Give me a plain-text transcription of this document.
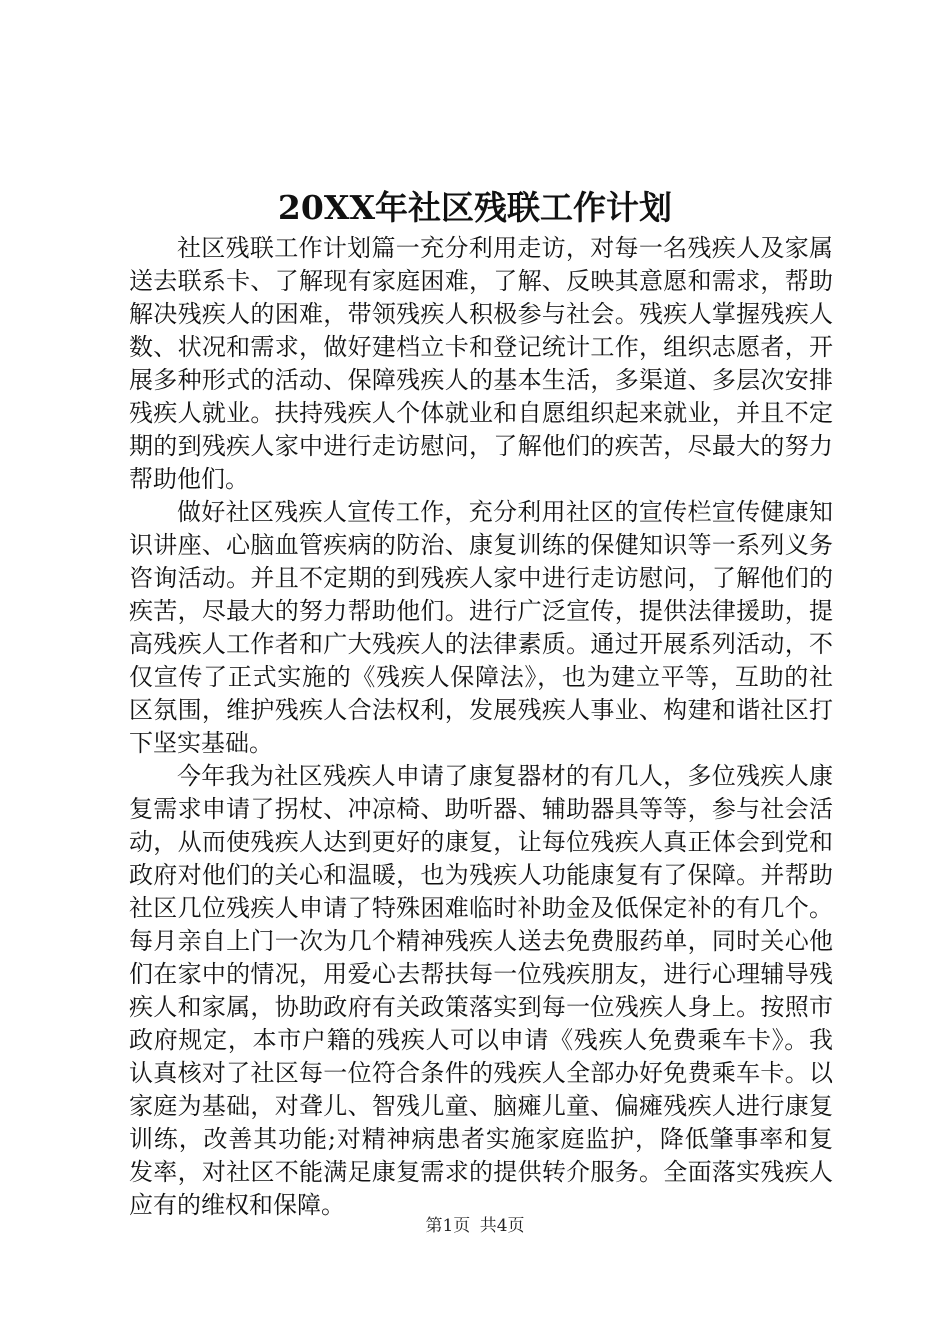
20XX年社区残联工作计划

社区残联工作计划篇一充分利用走访，对每一名残疾人及家属送去联系卡、了解现有家庭困难，了解、反映其意愿和需求，帮助解决残疾人的困难，带领残疾人积极参与社会。残疾人掌握残疾人数、状况和需求，做好建档立卡和登记统计工作，组织志愿者，开展多种形式的活动、保障残疾人的基本生活，多渠道、多层次安排残疾人就业。扶持残疾人个体就业和自愿组织起来就业，并且不定期的到残疾人家中进行走访慰问，了解他们的疾苦，尽最大的努力帮助他们。

做好社区残疾人宣传工作，充分利用社区的宣传栏宣传健康知识讲座、心脑血管疾病的防治、康复训练的保健知识等一系列义务咨询活动。并且不定期的到残疾人家中进行走访慰问，了解他们的疾苦，尽最大的努力帮助他们。进行广泛宣传，提供法律援助，提高残疾人工作者和广大残疾人的法律素质。通过开展系列活动，不仅宣传了正式实施的《残疾人保障法》，也为建立平等，互助的社区氛围，维护残疾人合法权利，发展残疾人事业、构建和谐社区打下坚实基础。

今年我为社区残疾人申请了康复器材的有几人，多位残疾人康复需求申请了拐杖、冲凉椅、助听器、辅助器具等等，参与社会活动，从而使残疾人达到更好的康复，让每位残疾人真正体会到党和政府对他们的关心和温暖，也为残疾人功能康复有了保障。并帮助社区几位残疾人申请了特殊困难临时补助金及低保定补的有几个。每月亲自上门一次为几个精神残疾人送去免费服药单，同时关心他们在家中的情况，用爱心去帮扶每一位残疾朋友，进行心理辅导残疾人和家属，协助政府有关政策落实到每一位残疾人身上。按照市政府规定，本市户籍的残疾人可以申请《残疾人免费乘车卡》。我认真核对了社区每一位符合条件的残疾人全部办好免费乘车卡。以家庭为基础，对聋儿、智残儿童、脑瘫儿童、偏瘫残疾人进行康复训练，改善其功能;对精神病患者实施家庭监护，降低肇事率和复发率，对社区不能满足康复需求的提供转介服务。全面落实残疾人应有的维权和保障。

第1页 共4页
